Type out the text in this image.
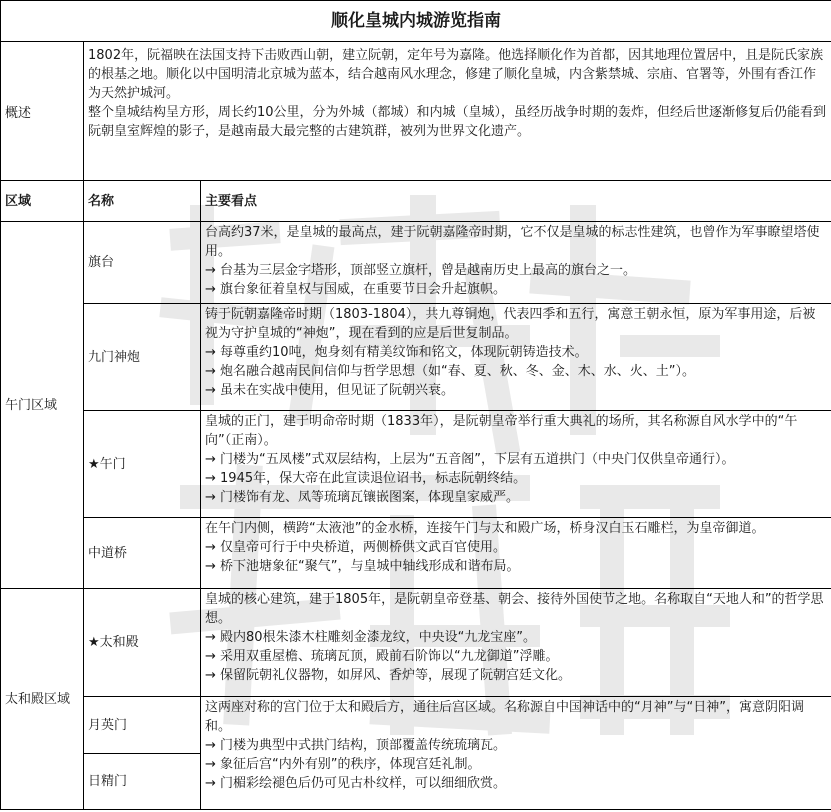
顺化皇城内城游览指南		
概述	1802年，阮福映在法国支持下击败西山朝，建立阮朝，定年号为嘉隆。他选择顺化作为首都，因其地理位置居中，且是阮氏家族的根基之地。顺化以中国明清北京城为蓝本，结合越南风水理念，修建了顺化皇城，内含紫禁城、宗庙、官署等，外围有香江作为天然护城河。

整个皇城结构呈方形，周长约10公里，分为外城（都城）和内城（皇城），虽经历战争时期的轰炸，但经后世逐渐修复后仍能看到阮朝皇室辉煌的影子，是越南最大最完整的古建筑群，被列为世界文化遗产。	

区域	名称	主要看点
午门区域	旗台	台高约37米，是皇城的最高点，建于阮朝嘉隆帝时期，它不仅是皇城的标志性建筑，也曾作为军事瞭望塔使用。

→ 台基为三层金字塔形，顶部竖立旗杆，曾是越南历史上最高的旗台之一。

→ 旗台象征着皇权与国威，在重要节日会升起旗帜。

	九门神炮	铸于阮朝嘉隆帝时期（1803-1804），共九尊铜炮，代表四季和五行，寓意王朝永恒，原为军事用途，后被视为守护皇城的“神炮”，现在看到的应是后世复制品。

→ 每尊重约10吨，炮身刻有精美纹饰和铭文，体现阮朝铸造技术。

→ 炮名融合越南民间信仰与哲学思想（如“春、夏、秋、冬、金、木、水、火、土”）。

→ 虽未在实战中使用，但见证了阮朝兴衰。

	★午门	皇城的正门，建于明命帝时期（1833年），是阮朝皇帝举行重大典礼的场所，其名称源自风水学中的“午向”（正南）。

→ 门楼为“五凤楼”式双层结构，上层为“五音阁”，下层有五道拱门（中央门仅供皇帝通行）。

→ 1945年，保大帝在此宣读退位诏书，标志阮朝终结。

→ 门楼饰有龙、凤等琉璃瓦镶嵌图案，体现皇家威严。

	中道桥	在午门内侧，横跨“太液池”的金水桥，连接午门与太和殿广场，桥身汉白玉石雕栏，为皇帝御道。

→ 仅皇帝可行于中央桥道，两侧桥供文武百官使用。

→ 桥下池塘象征“聚气”，与皇城中轴线形成和谐布局。

太和殿区域	★太和殿	皇城的核心建筑，建于1805年，是阮朝皇帝登基、朝会、接待外国使节之地。名称取自“天地人和”的哲学思想。

→ 殿内80根朱漆木柱雕刻金漆龙纹，中央设“九龙宝座”。

→ 采用双重屋檐、琉璃瓦顶，殿前石阶饰以“九龙御道”浮雕。

→ 保留阮朝礼仪器物，如屏风、香炉等，展现了阮朝宫廷文化。

	月英门	这两座对称的宫门位于太和殿后方，通往后宫区域。名称源自中国神话中的“月神”与“日神”，寓意阴阳调和。

→ 门楼为典型中式拱门结构，顶部覆盖传统琉璃瓦。

→ 象征后宫“内外有别”的秩序，体现宫廷礼制。

→ 门楣彩绘褪色后仍可见古朴纹样，可以细细欣赏。

	日精门	
